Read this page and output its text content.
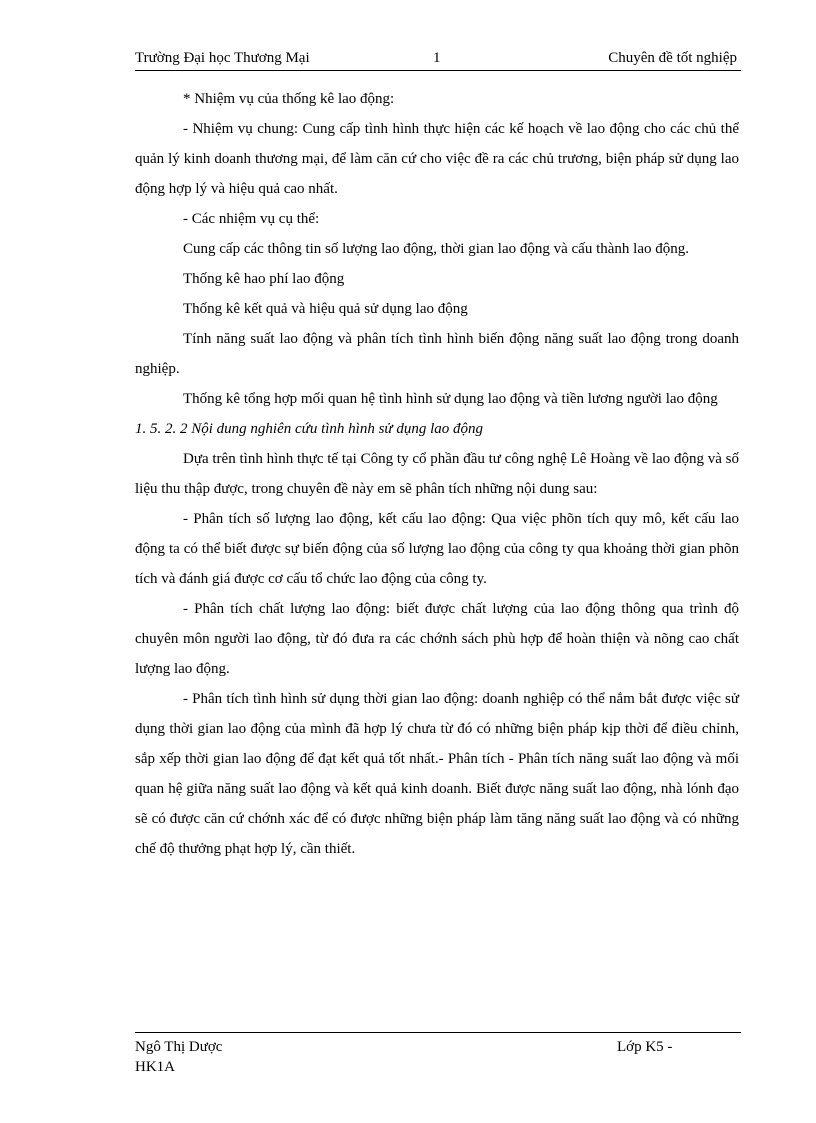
Trường Đại học Thương Mại	1	Chuyên đề tốt nghiệp

* Nhiệm vụ của thống kê lao động:

- Nhiệm vụ chung: Cung cấp tình hình thực hiện các kế hoạch về lao động cho các chủ thể quản lý kinh doanh thương mại, để làm căn cứ cho việc đề ra các chủ trương, biện pháp sử dụng lao động hợp lý và hiệu quả cao nhất.

- Các nhiệm vụ cụ thể:

Cung cấp các thông tin số lượng lao động, thời gian lao động và cấu thành lao động.

Thống kê hao phí lao động

Thống kê kết quả và hiệu quả sử dụng lao động

Tính năng suất lao động và phân tích tình hình biến động năng suất lao động trong doanh nghiệp.

Thống kê tổng hợp mối quan hệ tình hình sử dụng lao động và tiền lương người lao động

1. 5. 2. 2 Nội dung nghiên cứu tình hình sử dụng lao động

Dựa trên tình hình thực tế tại Công ty cổ phần đầu tư công nghệ Lê Hoàng về lao động và số liệu thu thập được, trong chuyên đề này em sẽ phân tích những nội dung sau:

- Phân tích số lượng lao động, kết cấu lao động: Qua việc phõn tích quy mô, kết cấu lao động ta có thể biết được sự biến động của số lượng lao động của công ty qua khoảng thời gian phõn tích và đánh giá được cơ cấu tổ chức lao động của công ty.

- Phân tích chất lượng lao động: biết được chất lượng của lao động thông qua trình độ chuyên môn người lao động, từ đó đưa ra các chớnh sách phù hợp để hoàn thiện và nõng cao chất lượng lao động.

- Phân tích tình hình sử dụng thời gian lao động: doanh nghiệp có thể nắm bắt được việc sử dụng thời gian lao động của mình đã hợp lý chưa từ đó có những biện pháp kịp thời để điều chỉnh, sắp xếp thời gian lao động để đạt kết quả tốt nhất.- Phân tích - Phân tích năng suất lao động và mối quan hệ giữa năng suất lao động và kết quả kinh doanh. Biết được năng suất lao động, nhà lónh đạo sẽ có được căn cứ chớnh xác để có được những biện pháp làm tăng năng suất lao động và có những chế độ thưởng phạt hợp lý, cần thiết.

Ngô Thị Dược	Lớp K5 -
HK1A
